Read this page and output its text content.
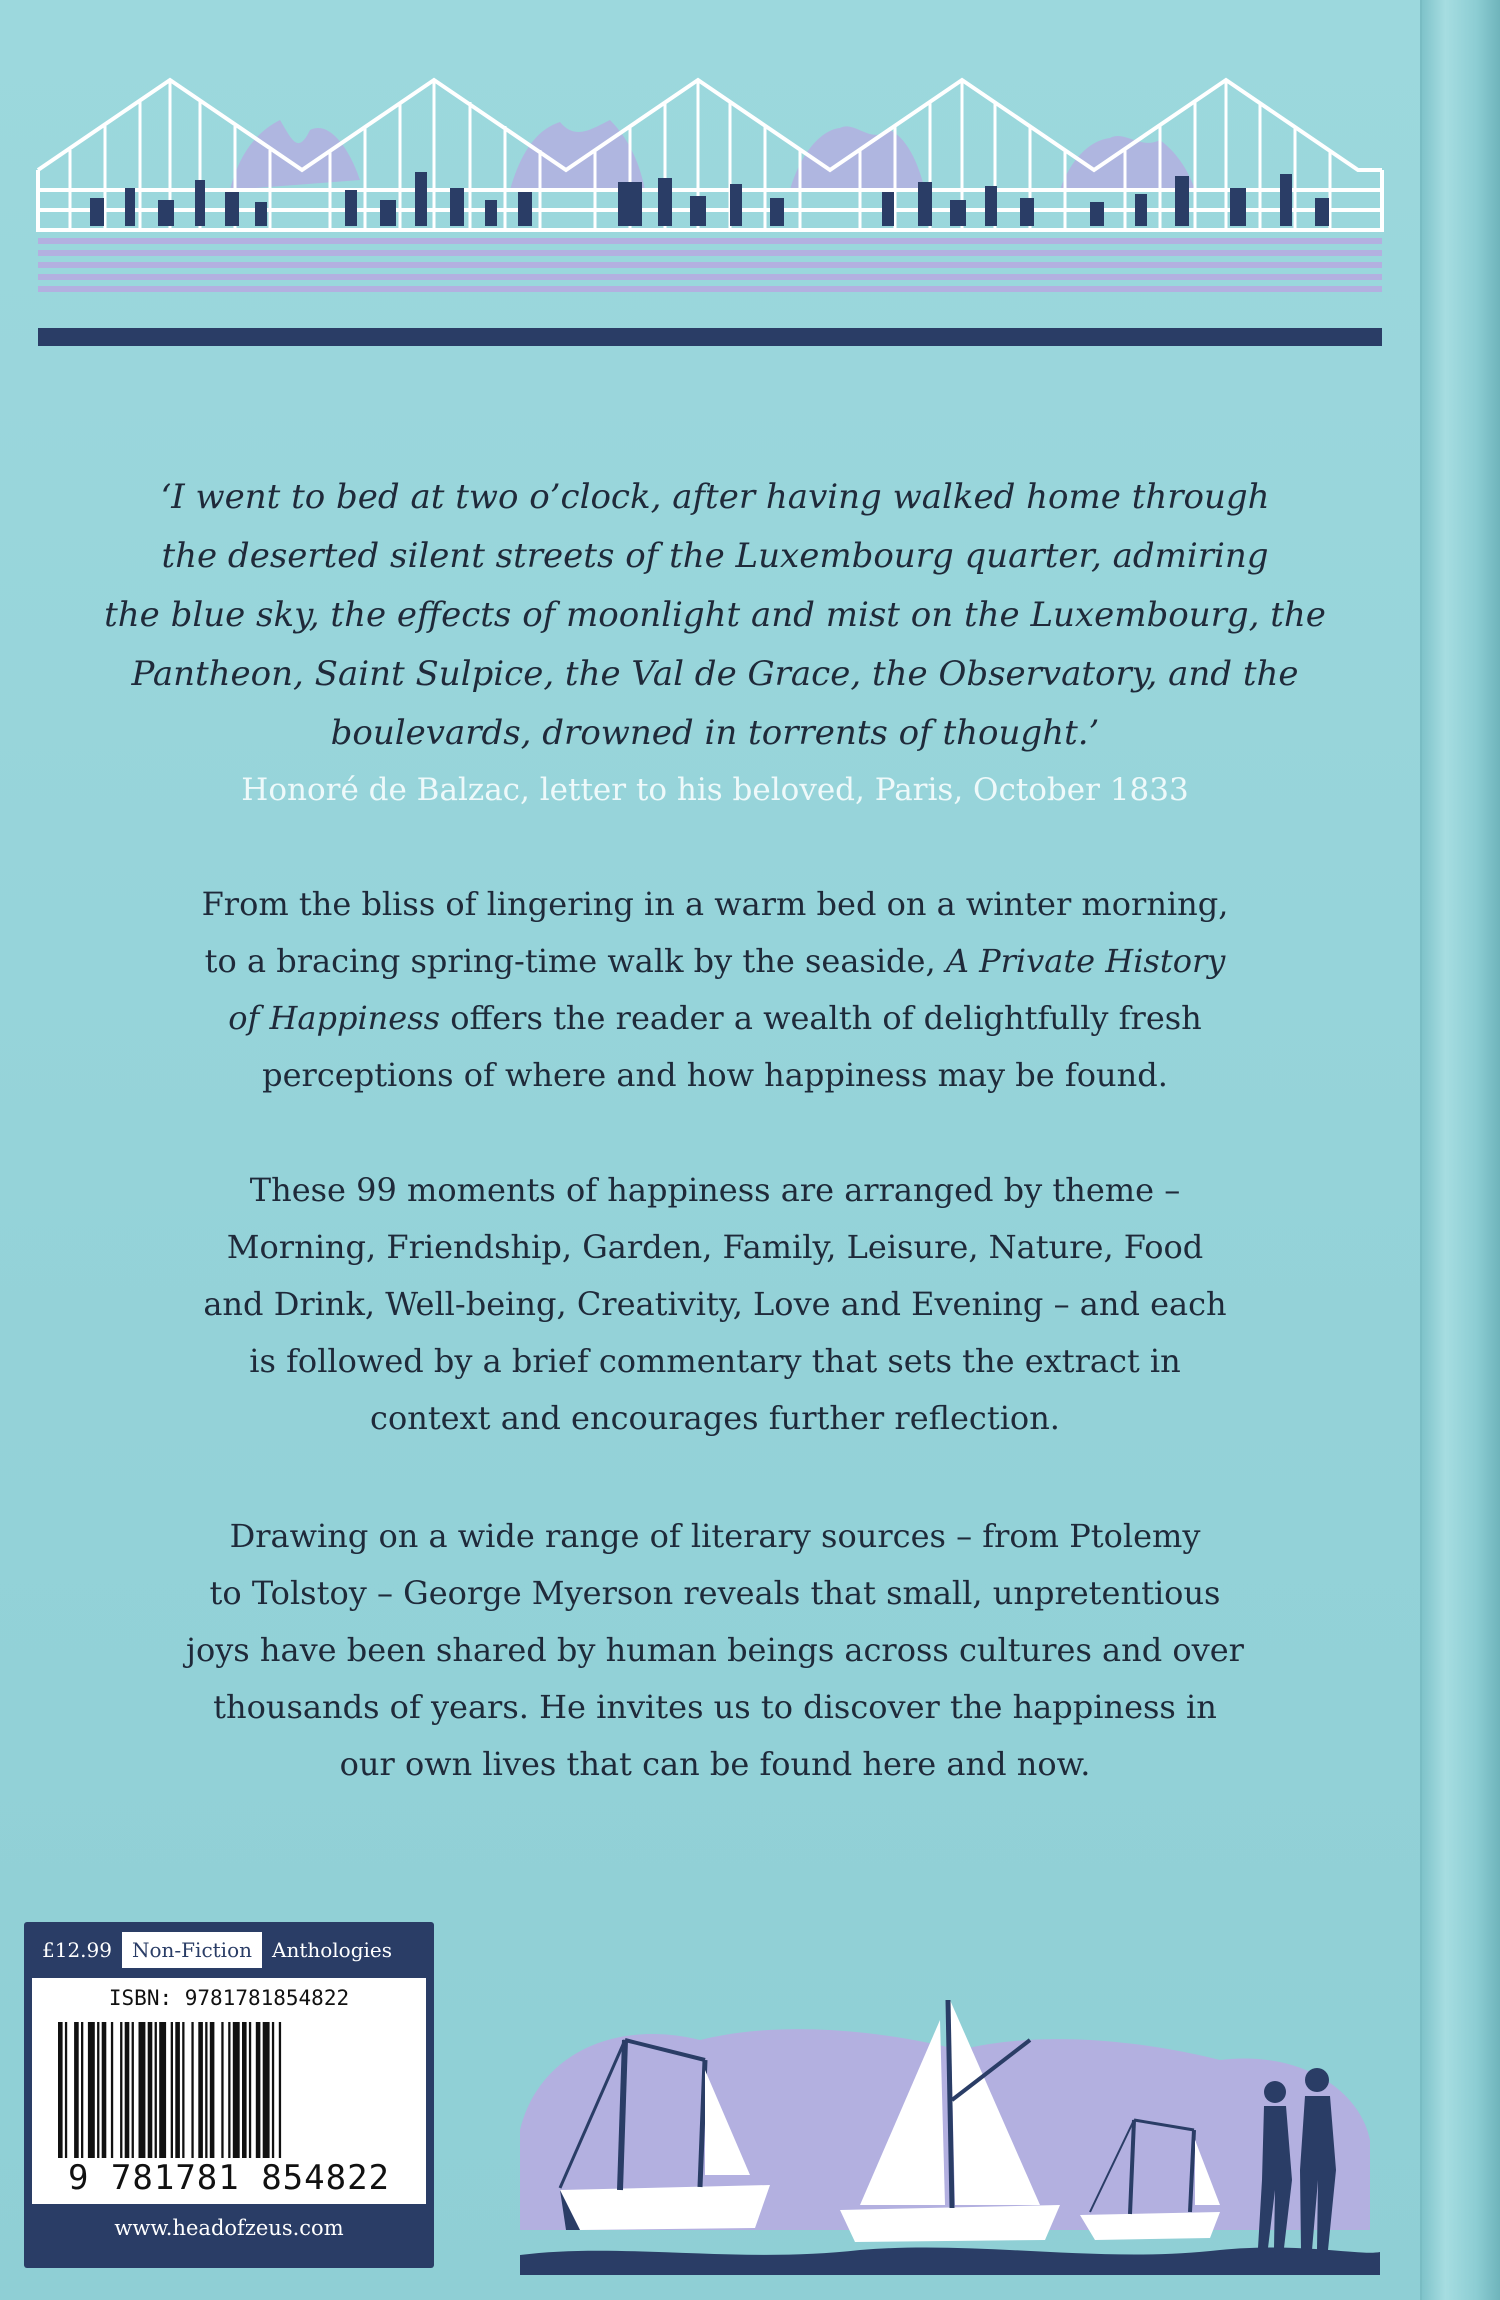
‘I went to bed at two o’clock, after having walked home through
the deserted silent streets of the Luxembourg quarter, admiring
the blue sky, the effects of moonlight and mist on the Luxembourg, the
Pantheon, Saint Sulpice, the Val de Grace, the Observatory, and the
boulevards, drowned in torrents of thought.’

Honoré de Balzac, letter to his beloved, Paris, October 1833

From the bliss of lingering in a warm bed on a winter morning,
to a bracing spring-time walk by the seaside, A Private History
of Happiness offers the reader a wealth of delightfully fresh
perceptions of where and how happiness may be found.

These 99 moments of happiness are arranged by theme –
Morning, Friendship, Garden, Family, Leisure, Nature, Food
and Drink, Well-being, Creativity, Love and Evening – and each
is followed by a brief commentary that sets the extract in
context and encourages further reflection.

Drawing on a wide range of literary sources – from Ptolemy
to Tolstoy – George Myerson reveals that small, unpretentious
joys have been shared by human beings across cultures and over
thousands of years. He invites us to discover the happiness in
our own lives that can be found here and now.

£12.99	Non-Fiction	Anthologies
ISBN: 9781781854822
9 781781 854822
www.headofzeus.com
